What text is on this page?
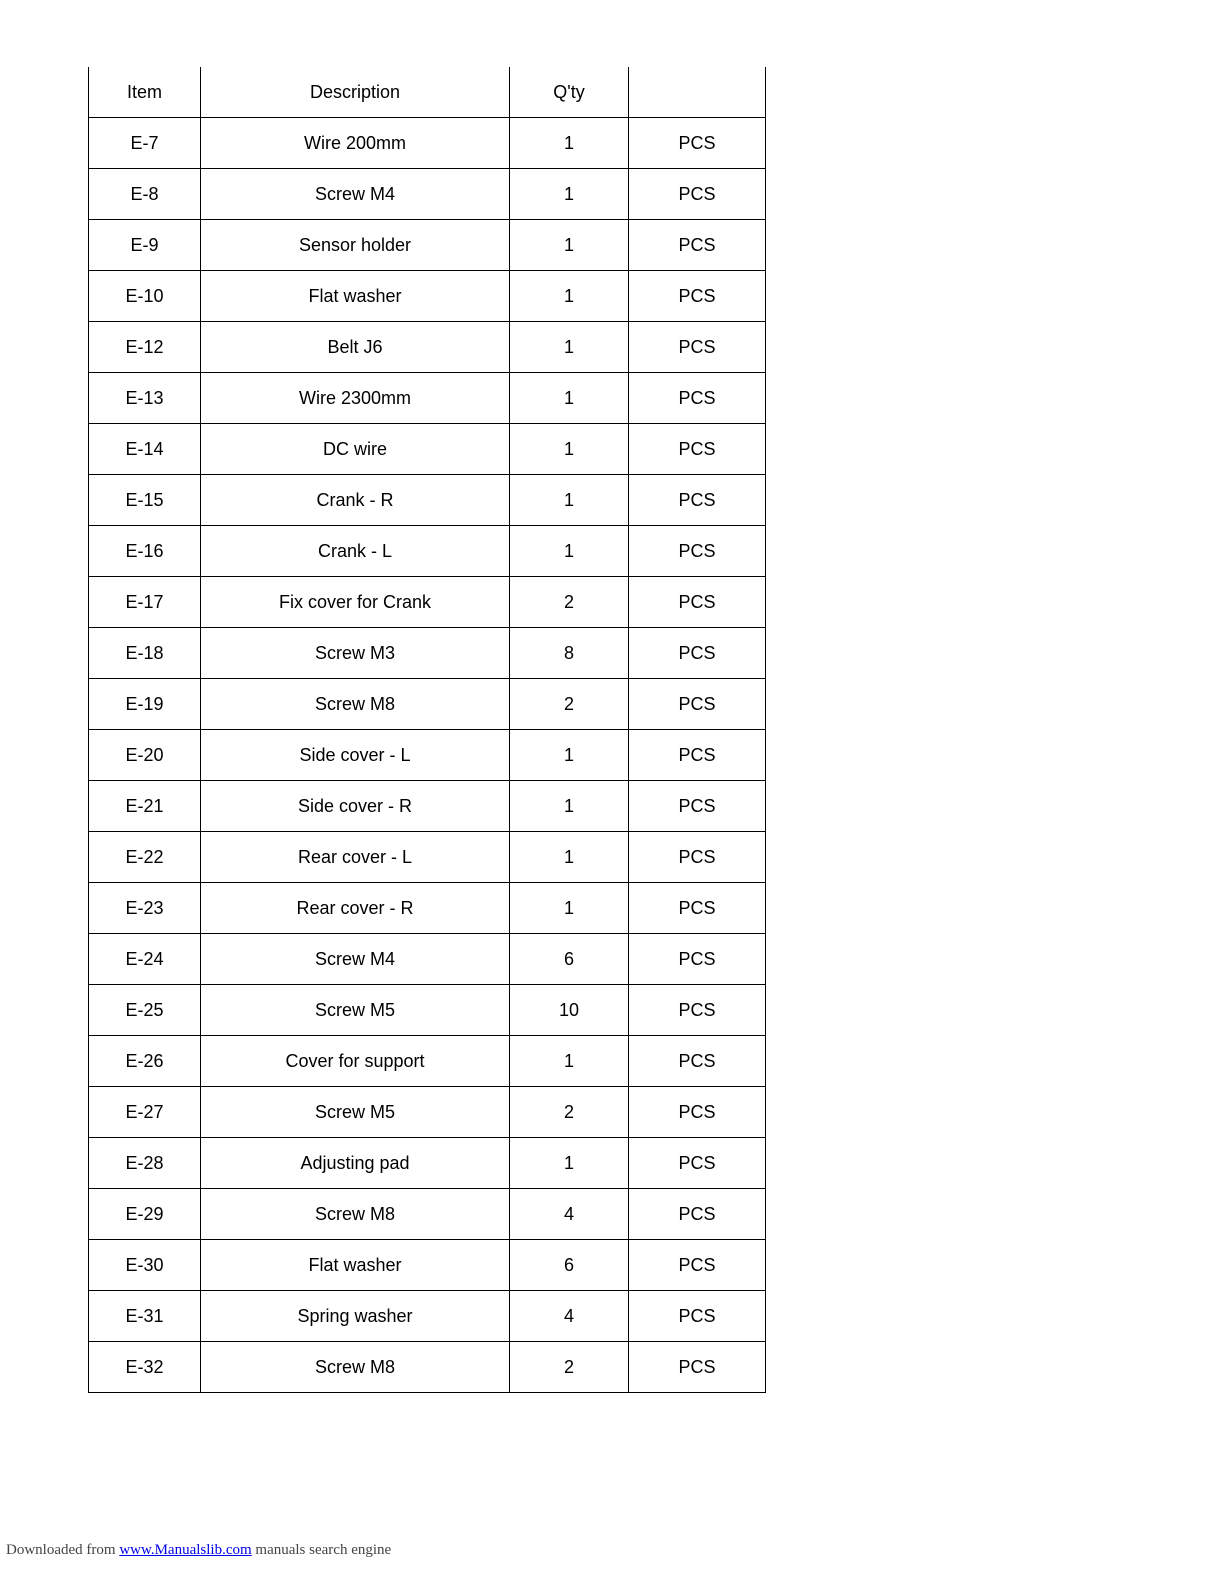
Item	Description	Q'ty	
E-7	Wire 200mm	1	PCS
E-8	Screw M4	1	PCS
E-9	Sensor holder	1	PCS
E-10	Flat washer	1	PCS
E-12	Belt J6	1	PCS
E-13	Wire 2300mm	1	PCS
E-14	DC wire	1	PCS
E-15	Crank - R	1	PCS
E-16	Crank - L	1	PCS
E-17	Fix cover for Crank	2	PCS
E-18	Screw M3	8	PCS
E-19	Screw M8	2	PCS
E-20	Side cover - L	1	PCS
E-21	Side cover - R	1	PCS
E-22	Rear cover - L	1	PCS
E-23	Rear cover - R	1	PCS
E-24	Screw M4	6	PCS
E-25	Screw M5	10	PCS
E-26	Cover for support	1	PCS
E-27	Screw M5	2	PCS
E-28	Adjusting pad	1	PCS
E-29	Screw M8	4	PCS
E-30	Flat washer	6	PCS
E-31	Spring washer	4	PCS
E-32	Screw M8	2	PCS
Downloaded from www.Manualslib.com manuals search engine
